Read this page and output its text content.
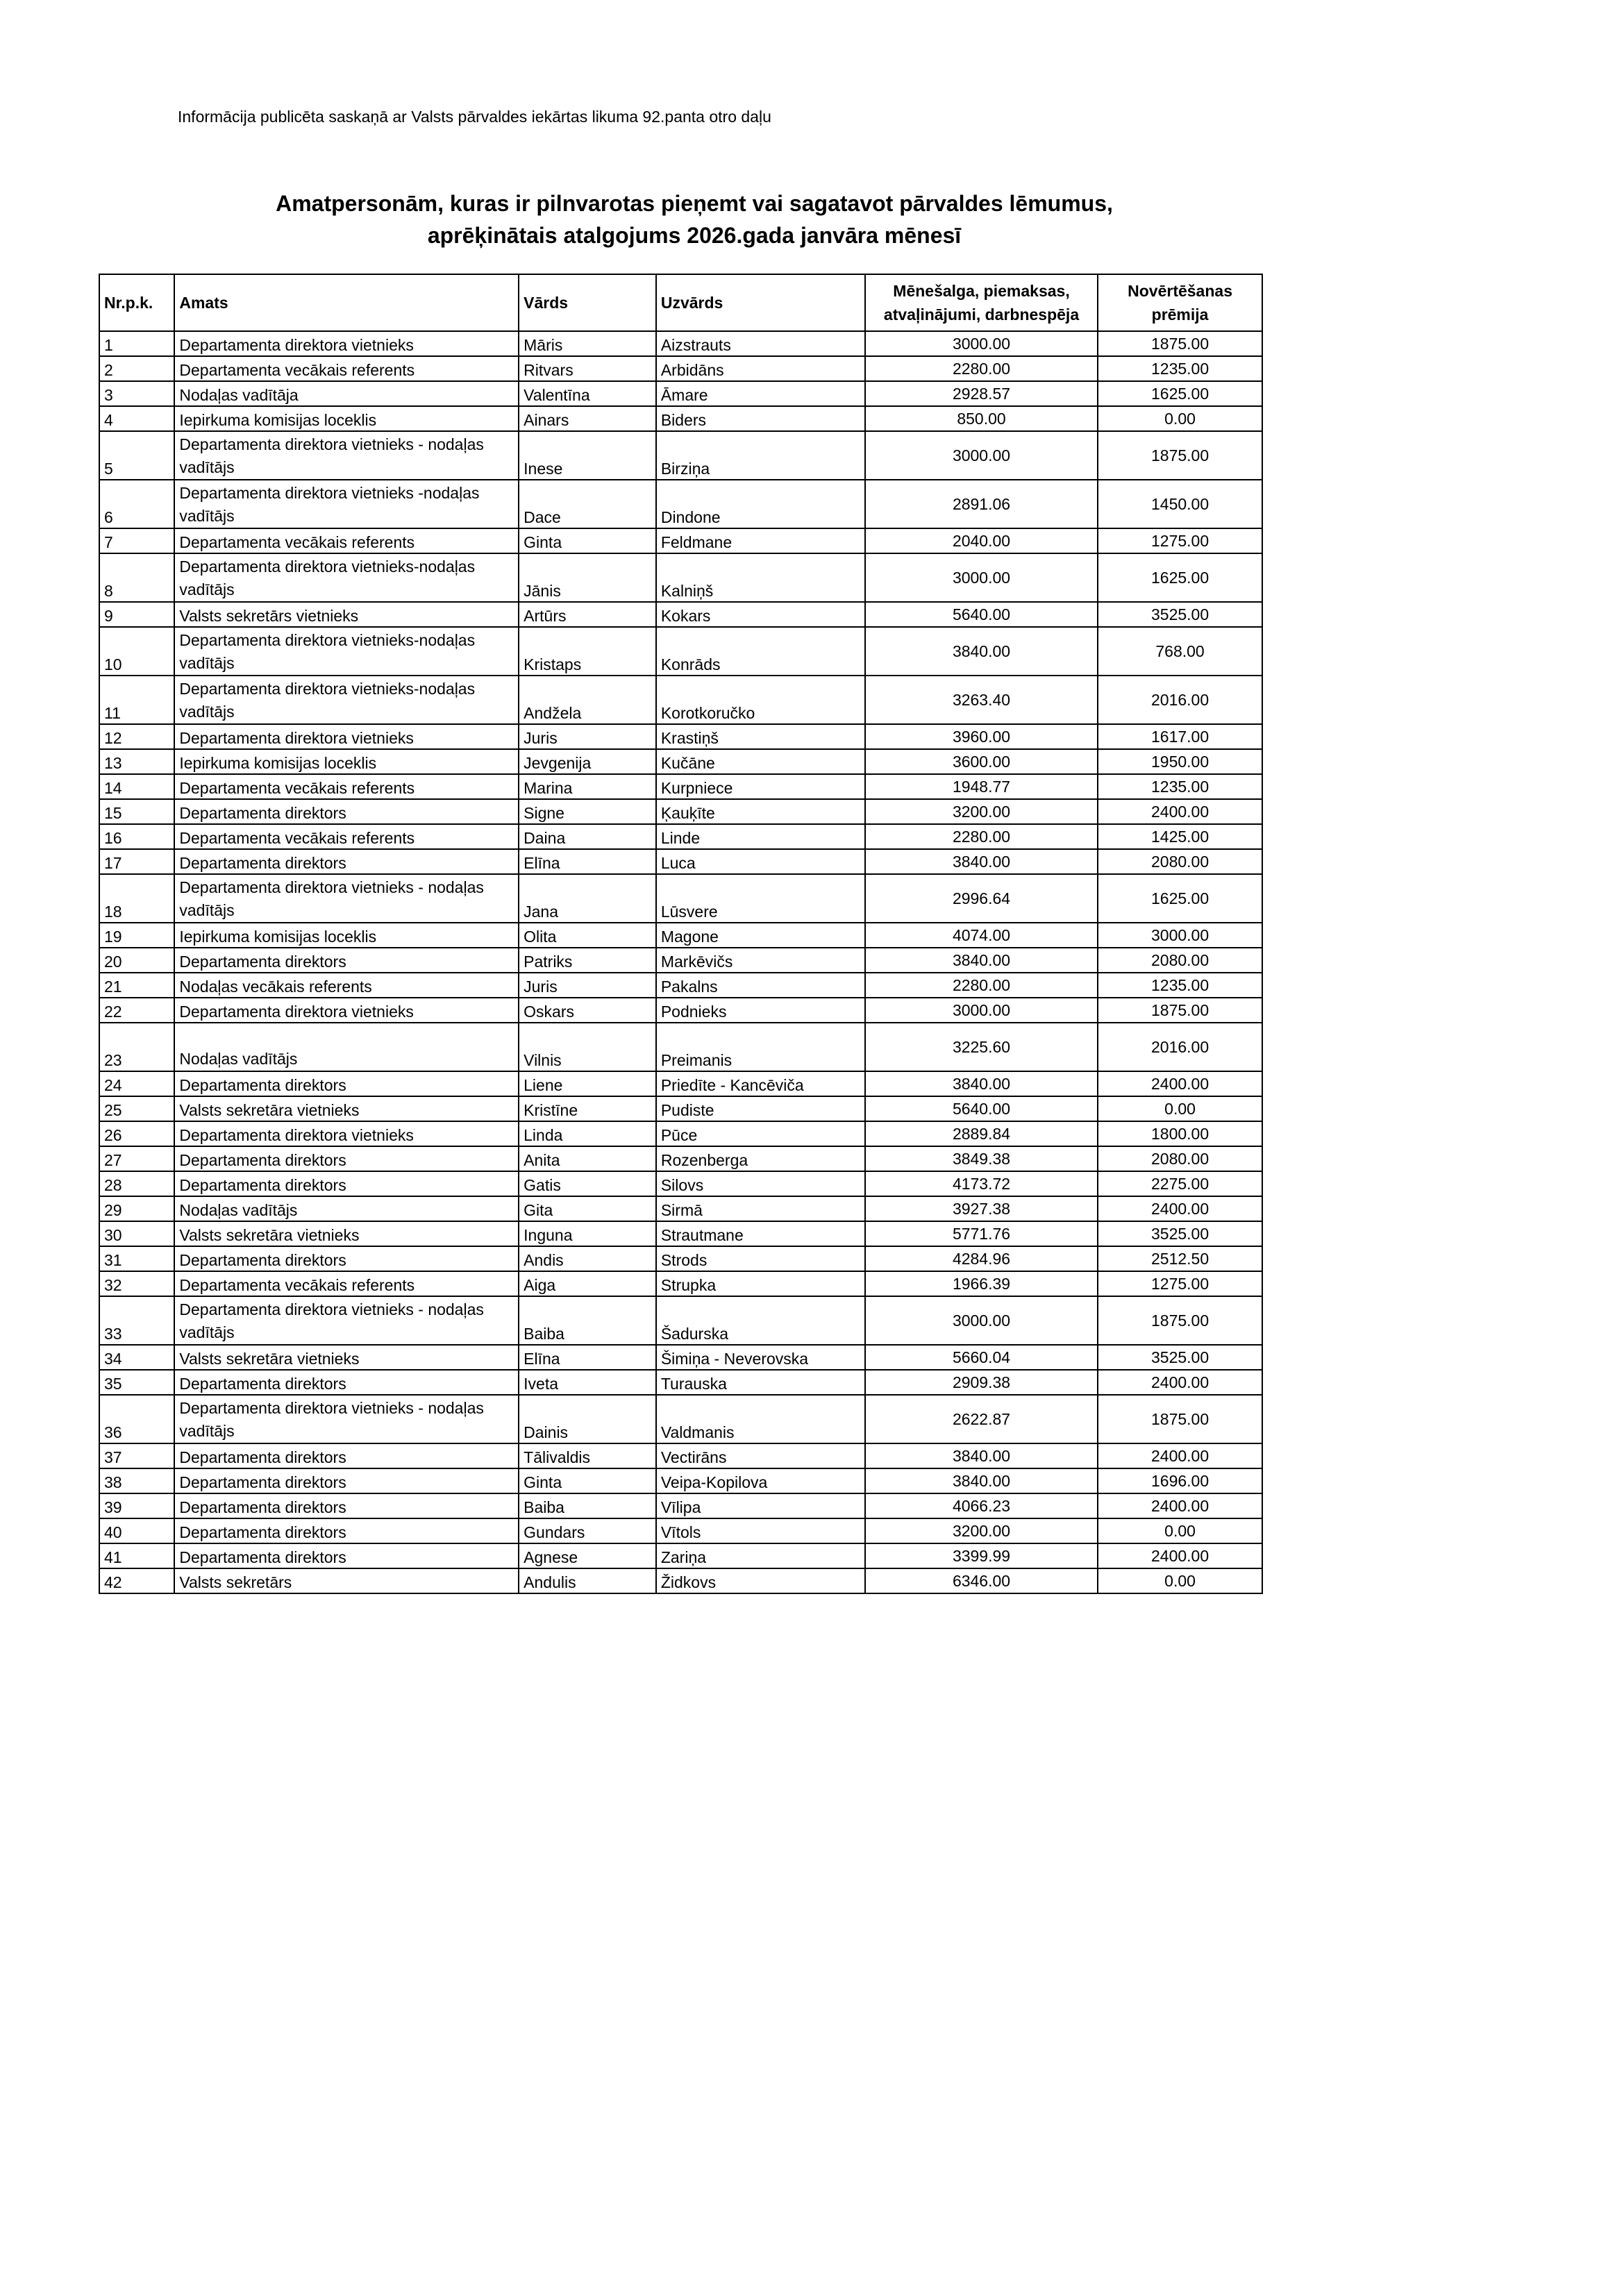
Informācija publicēta saskaņā ar Valsts pārvaldes iekārtas likuma 92.panta otro daļu
Amatpersonām, kuras ir pilnvarotas pieņemt vai sagatavot pārvaldes lēmumus,
aprēķinātais atalgojums 2026.gada janvāra mēnesī
Nr.p.k.	Amats	Vārds	Uzvārds	Mēnešalga, piemaksas, atvaļinājumi, darbnespēja	Novērtēšanas prēmija
1	Departamenta direktora vietnieks	Māris	Aizstrauts	3000.00	1875.00
2	Departamenta vecākais referents	Ritvars	Arbidāns	2280.00	1235.00
3	Nodaļas vadītāja	Valentīna	Āmare	2928.57	1625.00
4	Iepirkuma komisijas loceklis	Ainars	Biders	850.00	0.00
5	Departamenta direktora vietnieks - nodaļas vadītājs	Inese	Birziņa	3000.00	1875.00
6	Departamenta direktora vietnieks -nodaļas vadītājs	Dace	Dindone	2891.06	1450.00
7	Departamenta vecākais referents	Ginta	Feldmane	2040.00	1275.00
8	Departamenta direktora vietnieks-nodaļas vadītājs	Jānis	Kalniņš	3000.00	1625.00
9	Valsts sekretārs vietnieks	Artūrs	Kokars	5640.00	3525.00
10	Departamenta direktora vietnieks-nodaļas vadītājs	Kristaps	Konrāds	3840.00	768.00
11	Departamenta direktora vietnieks-nodaļas vadītājs	Andžela	Korotkoručko	3263.40	2016.00
12	Departamenta direktora vietnieks	Juris	Krastiņš	3960.00	1617.00
13	Iepirkuma komisijas loceklis	Jevgenija	Kučāne	3600.00	1950.00
14	Departamenta vecākais referents	Marina	Kurpniece	1948.77	1235.00
15	Departamenta direktors	Signe	Ķauķīte	3200.00	2400.00
16	Departamenta vecākais referents	Daina	Linde	2280.00	1425.00
17	Departamenta direktors	Elīna	Luca	3840.00	2080.00
18	Departamenta direktora vietnieks - nodaļas vadītājs	Jana	Lūsvere	2996.64	1625.00
19	Iepirkuma komisijas loceklis	Olita	Magone	4074.00	3000.00
20	Departamenta direktors	Patriks	Markēvičs	3840.00	2080.00
21	Nodaļas vecākais referents	Juris	Pakalns	2280.00	1235.00
22	Departamenta direktora vietnieks	Oskars	Podnieks	3000.00	1875.00
23	Nodaļas vadītājs	Vilnis	Preimanis	3225.60	2016.00
24	Departamenta direktors	Liene	Priedīte - Kancēviča	3840.00	2400.00
25	Valsts sekretāra vietnieks	Kristīne	Pudiste	5640.00	0.00
26	Departamenta direktora vietnieks	Linda	Pūce	2889.84	1800.00
27	Departamenta direktors	Anita	Rozenberga	3849.38	2080.00
28	Departamenta direktors	Gatis	Silovs	4173.72	2275.00
29	Nodaļas vadītājs	Gita	Sirmā	3927.38	2400.00
30	Valsts sekretāra vietnieks	Inguna	Strautmane	5771.76	3525.00
31	Departamenta direktors	Andis	Strods	4284.96	2512.50
32	Departamenta vecākais referents	Aiga	Strupka	1966.39	1275.00
33	Departamenta direktora vietnieks - nodaļas vadītājs	Baiba	Šadurska	3000.00	1875.00
34	Valsts sekretāra vietnieks	Elīna	Šimiņa - Neverovska	5660.04	3525.00
35	Departamenta direktors	Iveta	Turauska	2909.38	2400.00
36	Departamenta direktora vietnieks - nodaļas vadītājs	Dainis	Valdmanis	2622.87	1875.00
37	Departamenta direktors	Tālivaldis	Vectirāns	3840.00	2400.00
38	Departamenta direktors	Ginta	Veipa-Kopilova	3840.00	1696.00
39	Departamenta direktors	Baiba	Vīlipa	4066.23	2400.00
40	Departamenta direktors	Gundars	Vītols	3200.00	0.00
41	Departamenta direktors	Agnese	Zariņa	3399.99	2400.00
42	Valsts sekretārs	Andulis	Židkovs	6346.00	0.00
